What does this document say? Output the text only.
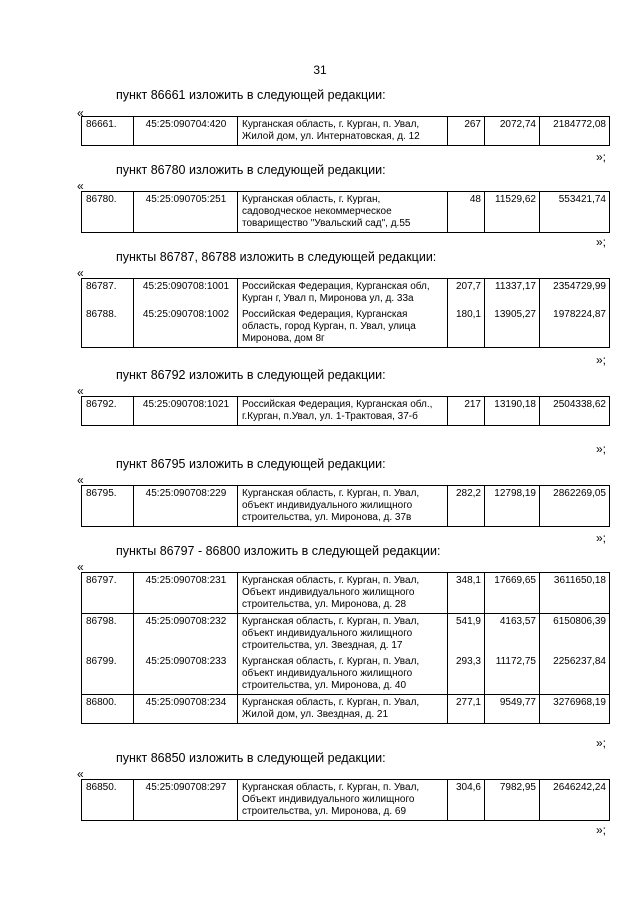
31
пункт 86661 изложить в следующей редакции:
«
86661.	45:25:090704:420	Курганская область, г. Курган, п. Увал, Жилой дом, ул. Интернатовская, д. 12	267	2072,74	2184772,08
»;
пункт 86780 изложить в следующей редакции:
«
86780.	45:25:090705:251	Курганская область, г. Курган, садоводческое некоммерческое товарищество "Увальский сад", д.55	48	11529,62	553421,74
»;
пункты 86787, 86788 изложить в следующей редакции:
«
86787.	45:25:090708:1001	Российская Федерация, Курганская обл, Курган г, Увал п, Миронова ул, д. 33а	207,7	11337,17	2354729,99
86788.	45:25:090708:1002	Российская Федерация, Курганская область, город Курган, п. Увал, улица Миронова, дом 8г	180,1	13905,27	1978224,87
»;
пункт 86792 изложить в следующей редакции:
«
86792.	45:25:090708:1021	Российская Федерация, Курганская обл., г.Курган, п.Увал, ул. 1-Трактовая, 37-б	217	13190,18	2504338,62
»;
пункт 86795 изложить в следующей редакции:
«
86795.	45:25:090708:229	Курганская область, г. Курган, п. Увал, объект индивидуального жилищного строительства, ул. Миронова, д. 37в	282,2	12798,19	2862269,05
»;
пункты 86797 - 86800 изложить в следующей редакции:
«
86797.	45:25:090708:231	Курганская область, г. Курган, п. Увал, Объект индивидуального жилищного строительства, ул. Миронова, д. 28	348,1	17669,65	3611650,18
86798.	45:25:090708:232	Курганская область, г. Курган, п. Увал, объект индивидуального жилищного строительства, ул. Звездная, д. 17	541,9	4163,57	6150806,39
86799.	45:25:090708:233	Курганская область, г. Курган, п. Увал, объект индивидуального жилищного строительства, ул. Миронова, д. 40	293,3	11172,75	2256237,84
86800.	45:25:090708:234	Курганская область, г. Курган, п. Увал, Жилой дом, ул. Звездная, д. 21	277,1	9549,77	3276968,19
»;
пункт 86850 изложить в следующей редакции:
«
86850.	45:25:090708:297	Курганская область, г. Курган, п. Увал, Объект индивидуального жилищного строительства, ул. Миронова, д. 69	304,6	7982,95	2646242,24
»;
